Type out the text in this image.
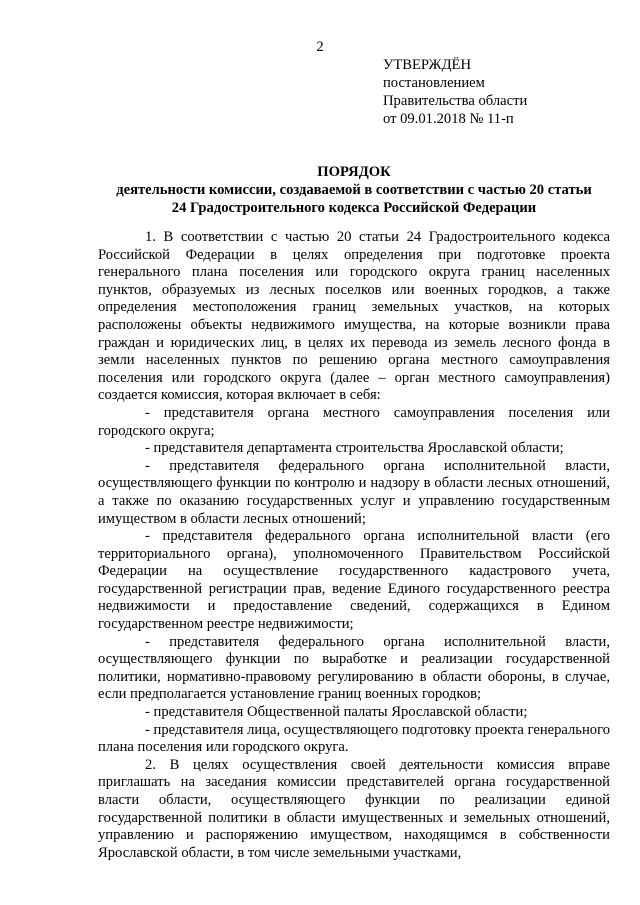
2
УТВЕРЖДЁН
постановлением
Правительства области
от 09.01.2018 № 11-п
ПОРЯДОК
деятельности комиссии, создаваемой в соответствии с частью 20 статьи
24 Градостроительного кодекса Российской Федерации

1. В соответствии с частью 20 статьи 24 Градостроительного кодекса Российской Федерации в целях определения при подготовке проекта генерального плана поселения или городского округа границ населенных пунктов, образуемых из лесных поселков или военных городков, а также определения местоположения границ земельных участков, на которых расположены объекты недвижимого имущества, на которые возникли права граждан и юридических лиц, в целях их перевода из земель лесного фонда в земли населенных пунктов по решению органа местного самоуправления поселения или городского округа (далее – орган местного самоуправления) создается комиссия, которая включает в себя:

- представителя органа местного самоуправления поселения или городского округа;

- представителя департамента строительства Ярославской области;

- представителя федерального органа исполнительной власти, осуществляющего функции по контролю и надзору в области лесных отношений, а также по оказанию государственных услуг и управлению государственным имуществом в области лесных отношений;

- представителя федерального органа исполнительной власти (его территориального органа), уполномоченного Правительством Российской Федерации на осуществление государственного кадастрового учета, государственной регистрации прав, ведение Единого государственного реестра недвижимости и предоставление сведений, содержащихся в Едином государственном реестре недвижимости;

- представителя федерального органа исполнительной власти, осуществляющего функции по выработке и реализации государственной политики, нормативно-правовому регулированию в области обороны, в случае, если предполагается установление границ военных городков;

- представителя Общественной палаты Ярославской области;

- представителя лица, осуществляющего подготовку проекта генерального плана поселения или городского округа.

2. В целях осуществления своей деятельности комиссия вправе приглашать на заседания комиссии представителей органа государственной власти области, осуществляющего функции по реализации единой государственной политики в области имущественных и земельных отношений, управлению и распоряжению имуществом, находящимся в собственности Ярославской области, в том числе земельными участками,
